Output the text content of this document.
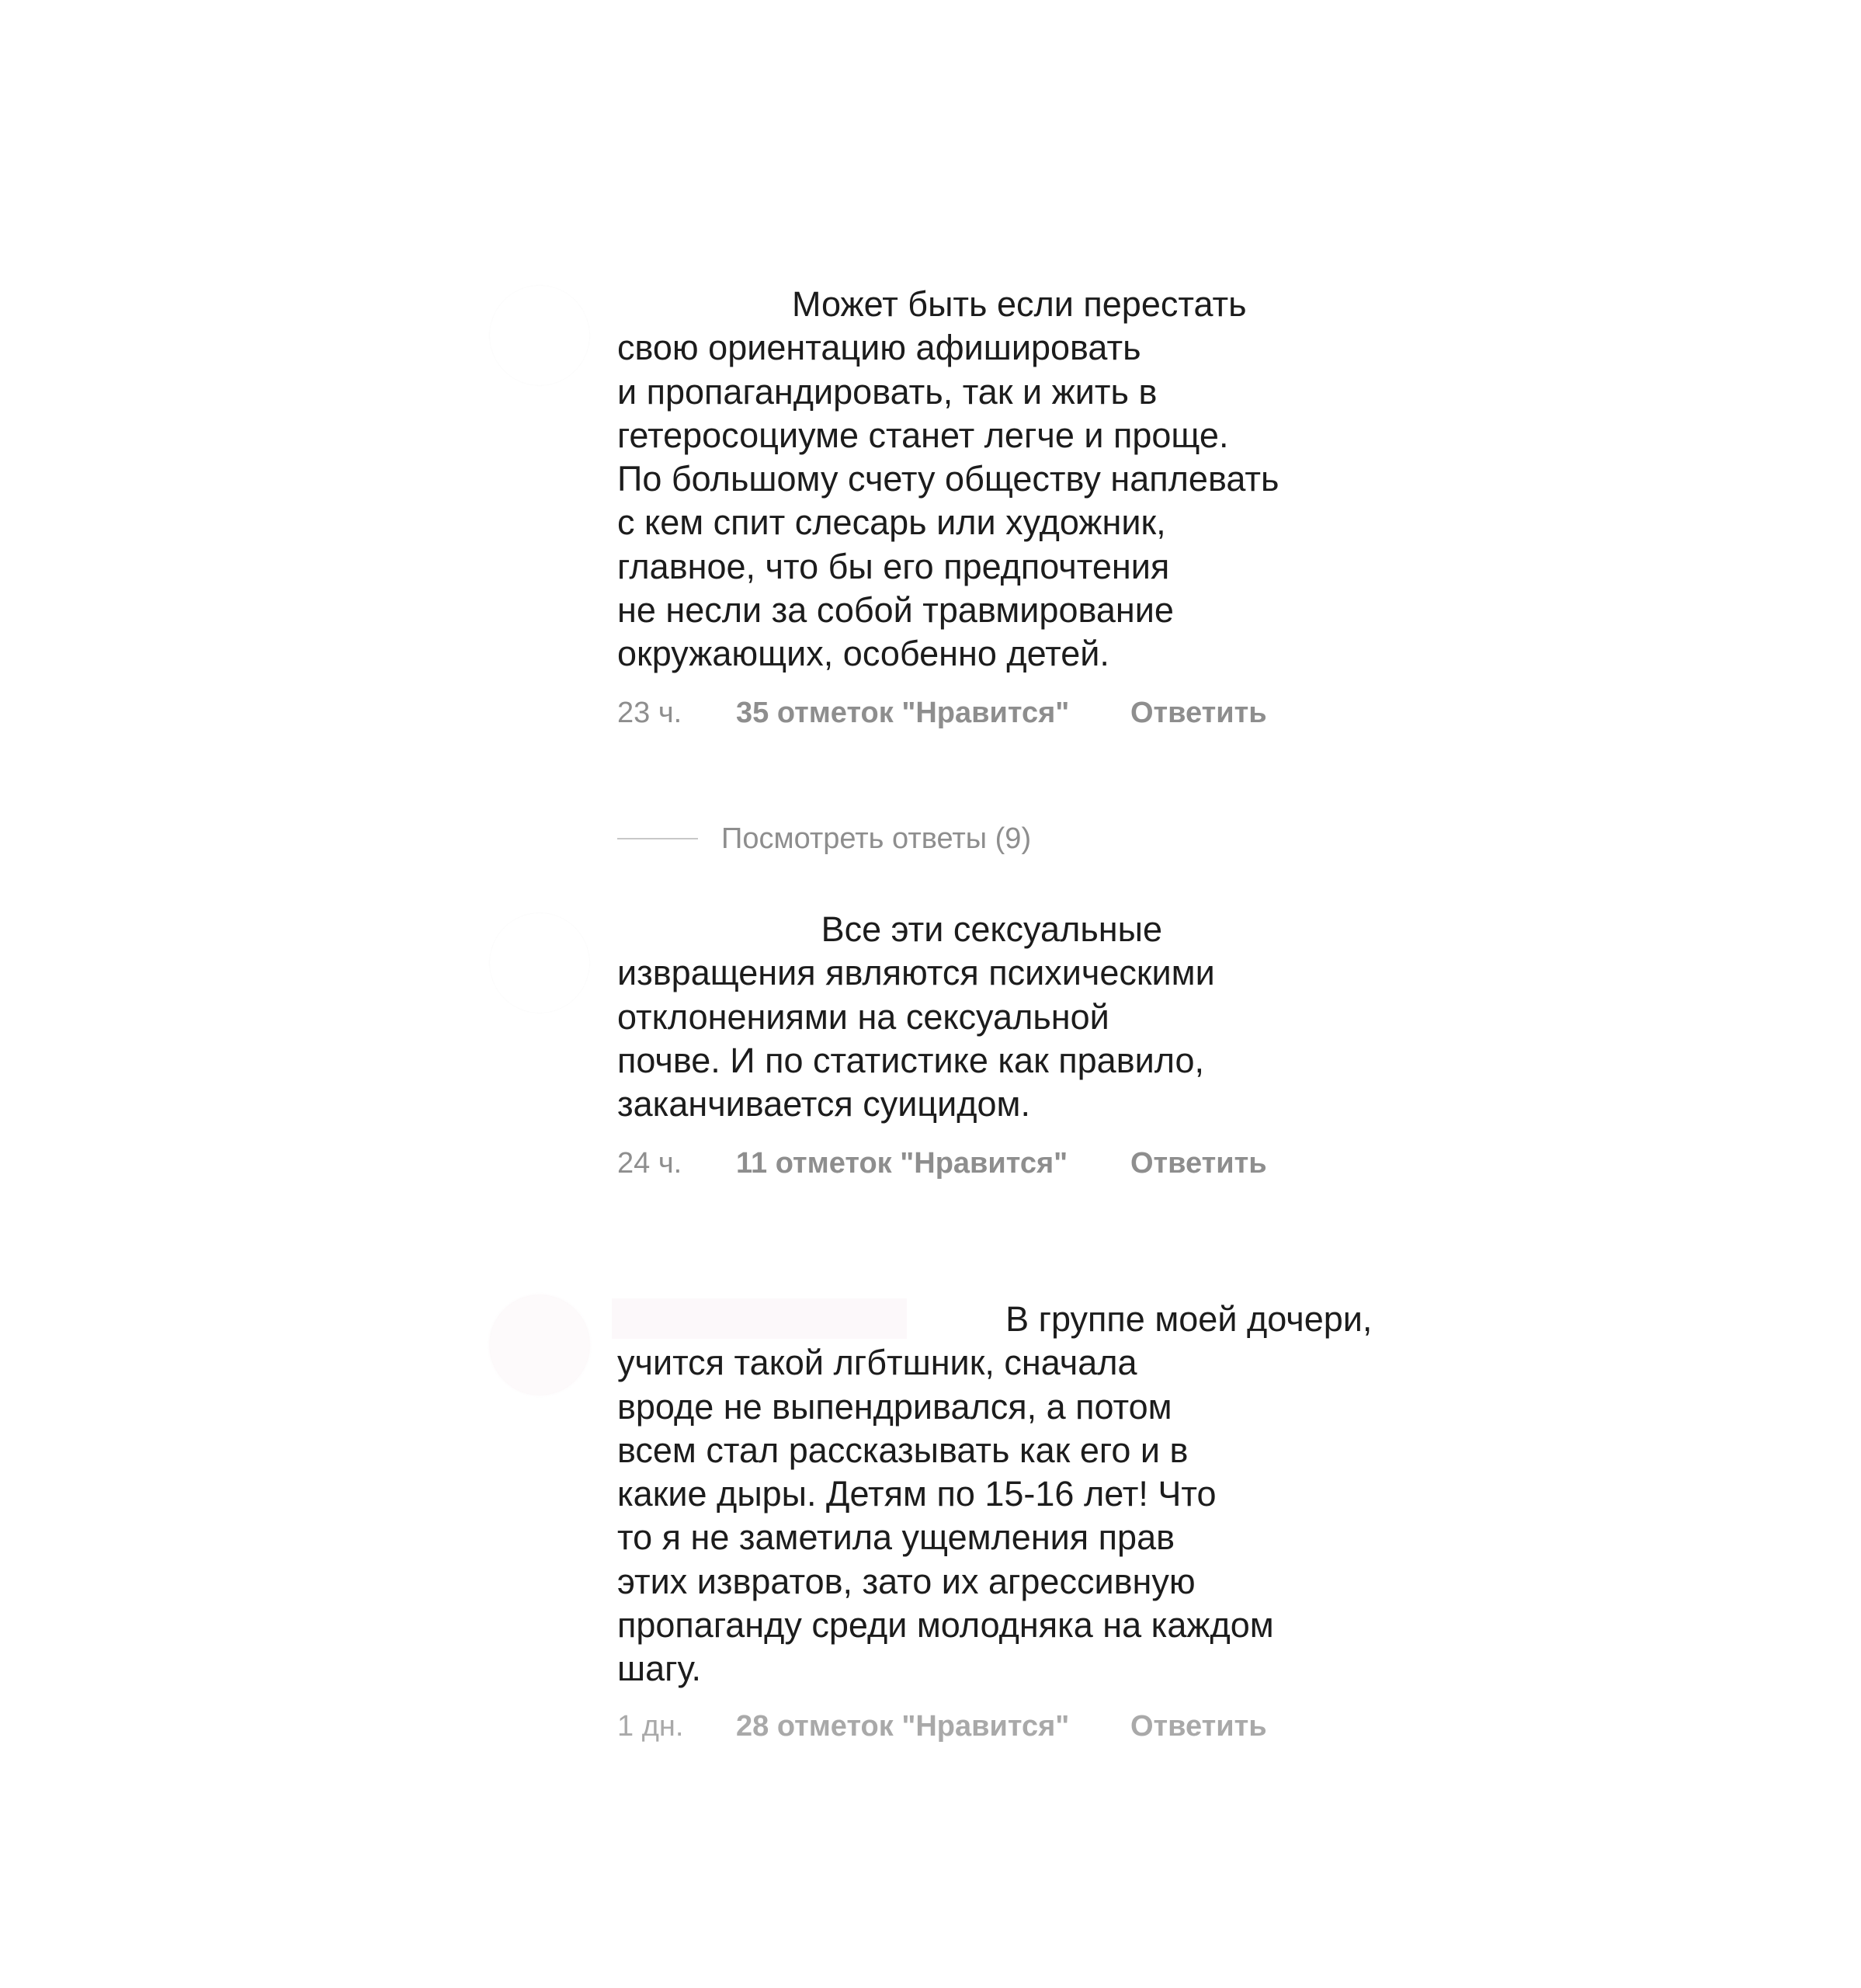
Может быть если перестать
свою ориентацию афишировать
и пропагандировать, так и жить в
гетеросоциуме станет легче и проще.
По большому счету обществу наплевать
с кем спит слесарь или художник,
главное, что бы его предпочтения
не несли за собой травмирование
окружающих, особенно детей.

23 ч.	35 отметок "Нравится"	Ответить
Посмотреть ответы (9)

Все эти сексуальные
извращения являются психическими
отклонениями на сексуальной
почве. И по статистике как правило,
заканчивается суицидом.

24 ч.	11 отметок "Нравится"	Ответить

В группе моей дочери,
учится такой лгбтшник, сначала
вроде не выпендривался, а потом
всем стал рассказывать как его и в
какие дыры. Детям по 15-16 лет! Что
то я не заметила ущемления прав
этих извратов, зато их агрессивную
пропаганду среди молодняка на каждом
шагу.

1 дн.	28 отметок "Нравится"	Ответить
